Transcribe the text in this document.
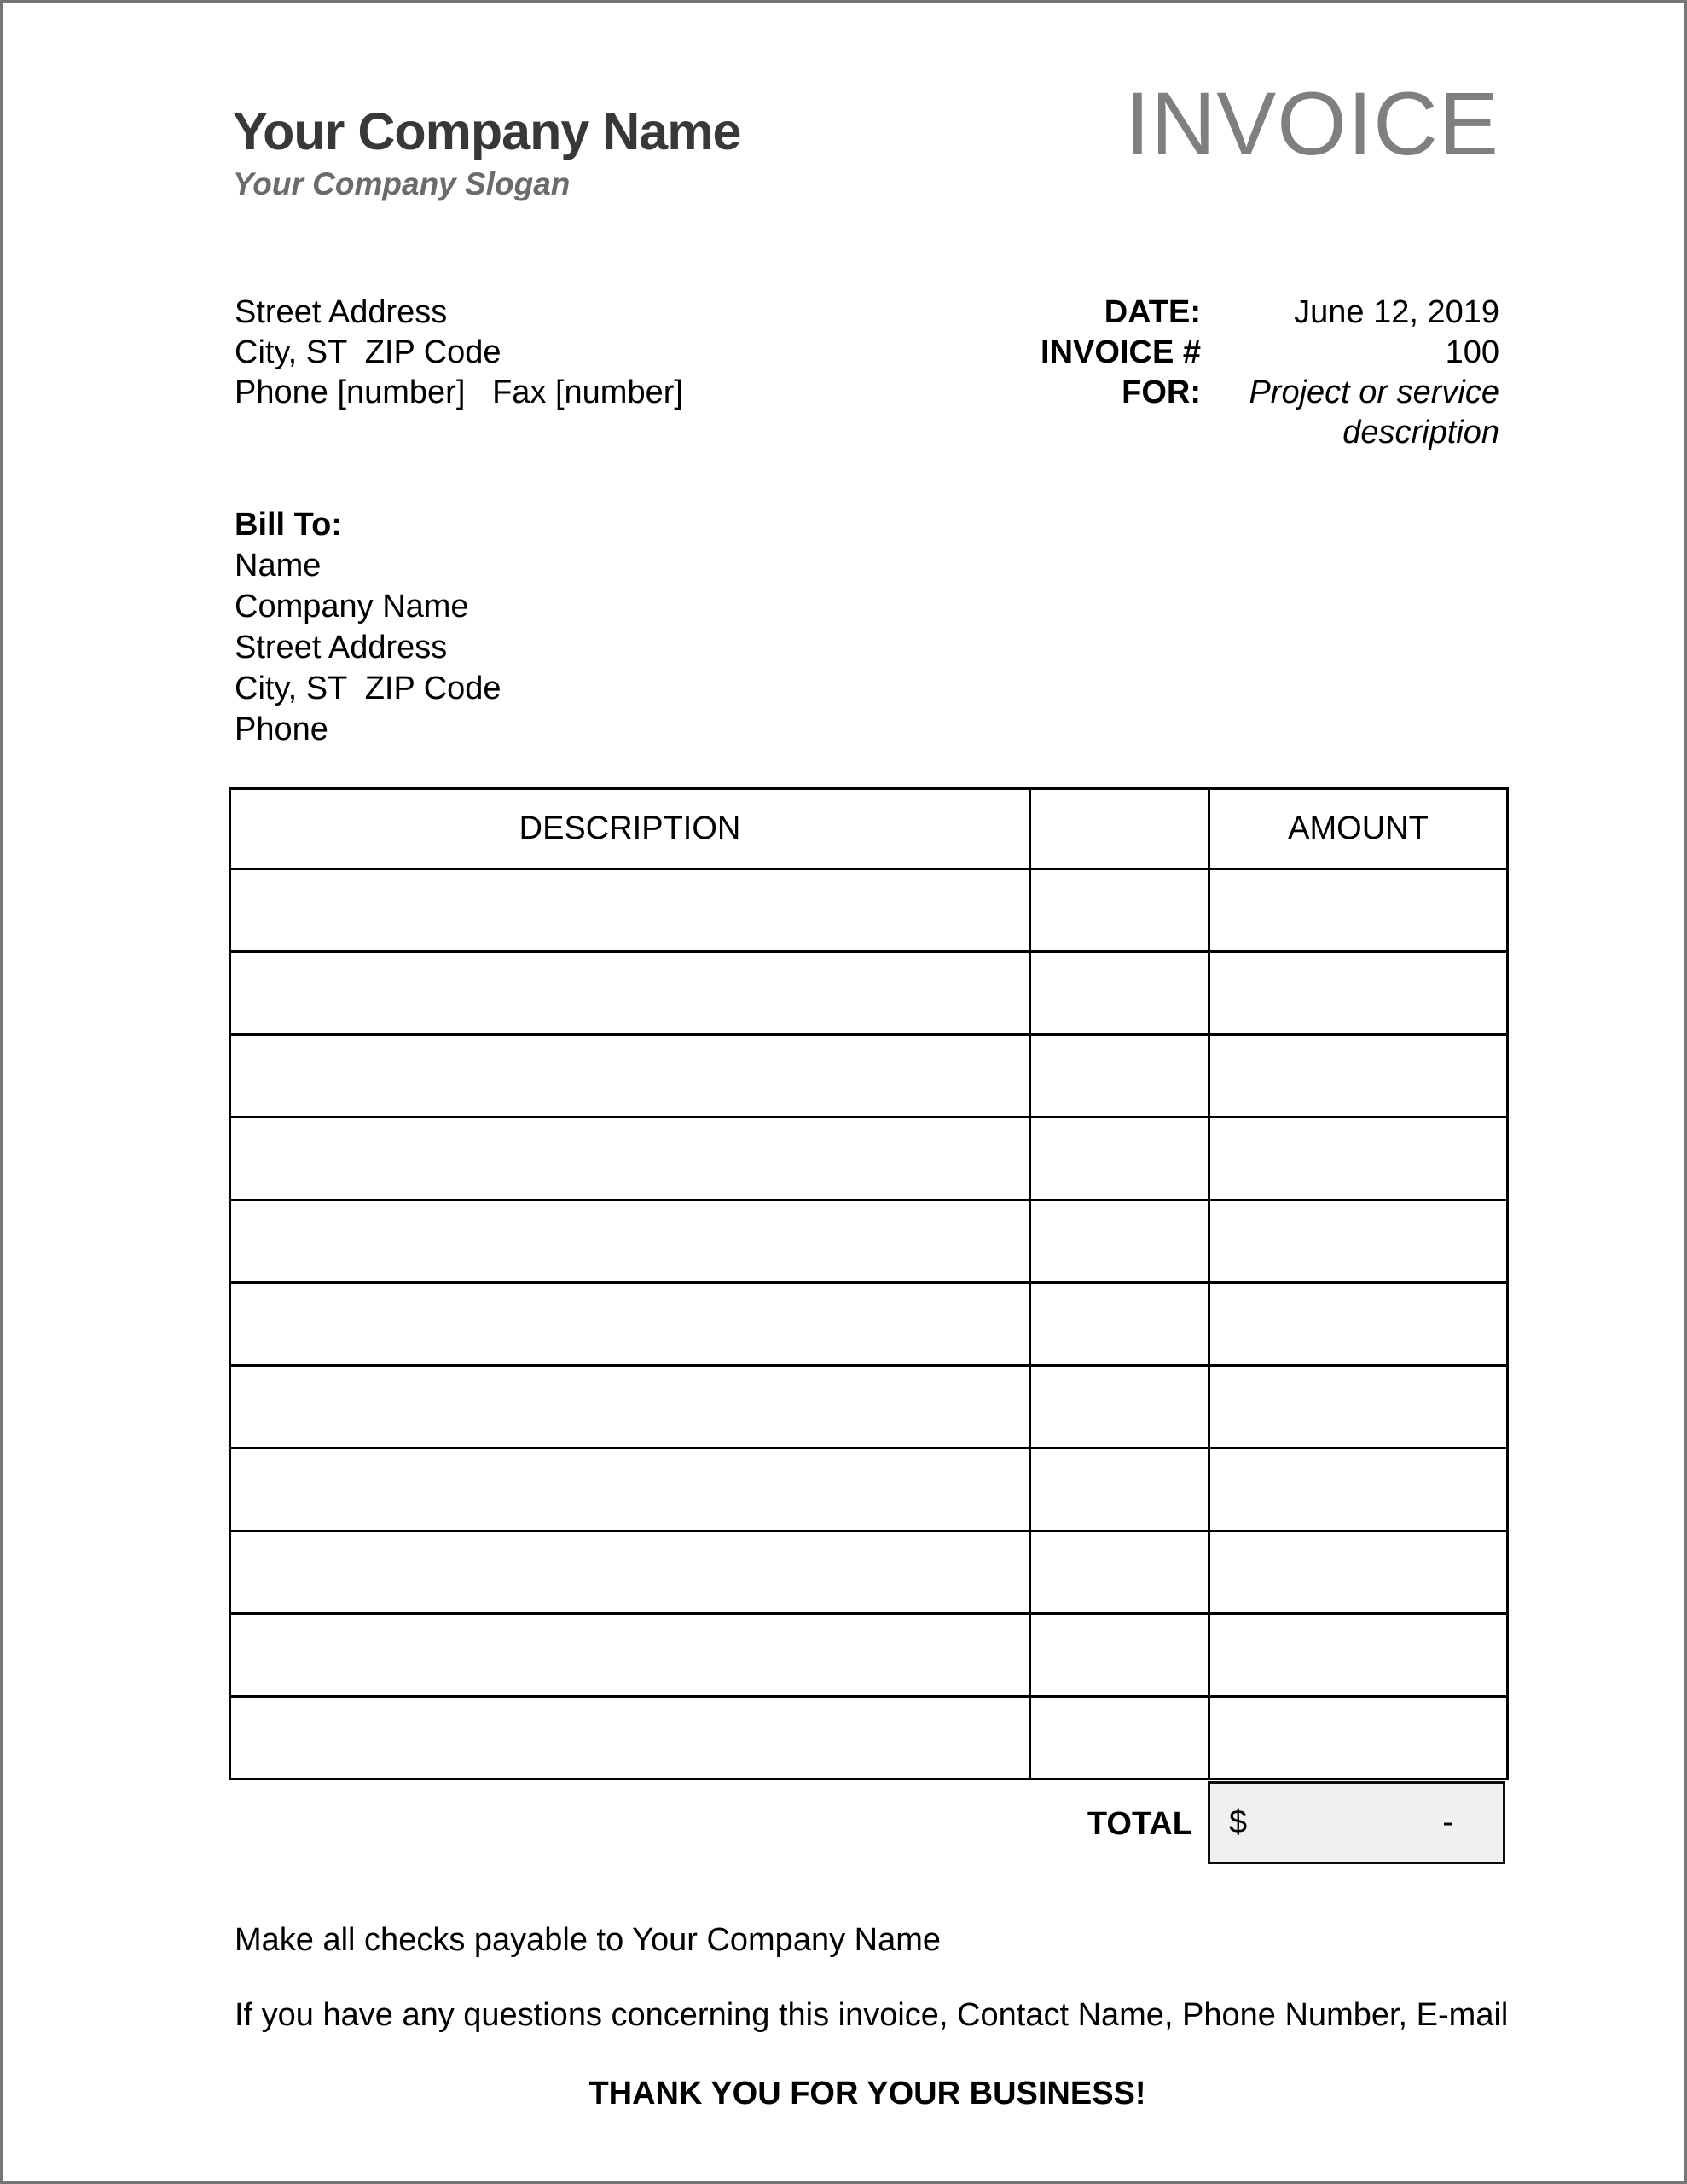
Your Company Name
Your Company Slogan
INVOICE
Street Address
City, ST  ZIP Code
Phone [number]   Fax [number]
DATE:	June 12, 2019
INVOICE #	100
FOR:	Project or service description
Bill To:
Name
Company Name
Street Address
City, ST  ZIP Code
Phone
DESCRIPTION		AMOUNT

TOTAL $	-
Make all checks payable to Your Company Name
If you have any questions concerning this invoice, Contact Name, Phone Number, E-mail
THANK YOU FOR YOUR BUSINESS!
